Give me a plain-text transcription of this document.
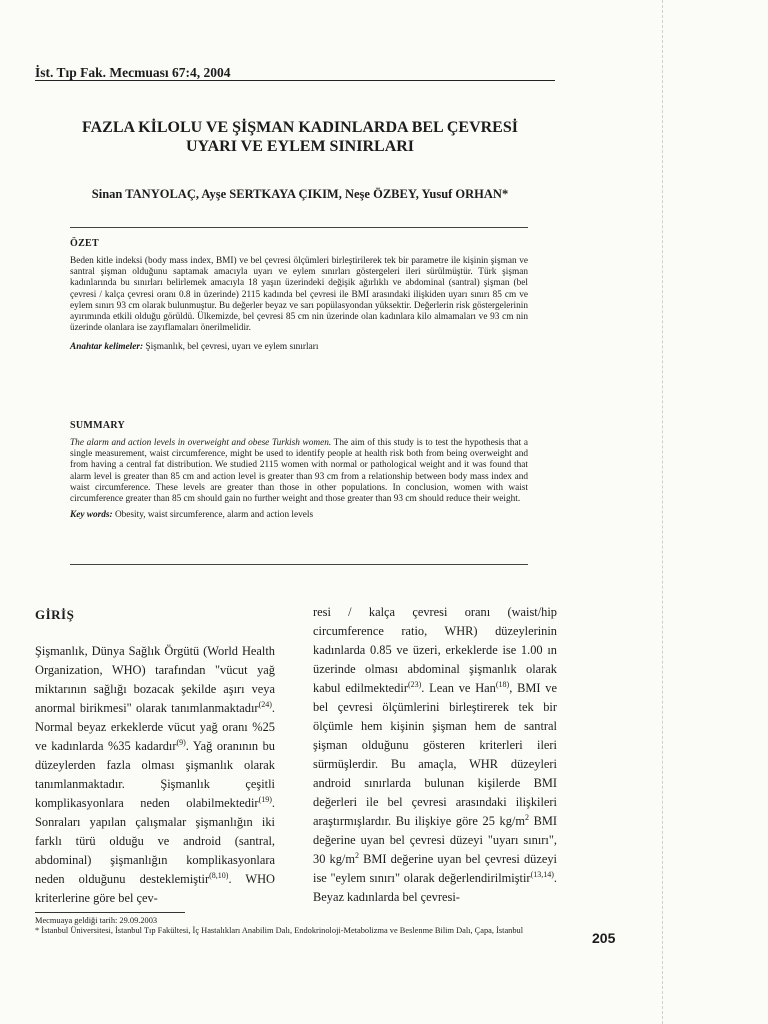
İst. Tıp Fak. Mecmuası 67:4, 2004
FAZLA KİLOLU VE ŞİŞMAN KADINLARDA BEL ÇEVRESİ
UYARI VE EYLEM SINIRLARI
Sinan TANYOLAÇ, Ayşe SERTKAYA ÇIKIM, Neşe ÖZBEY, Yusuf ORHAN*
ÖZET

Beden kitle indeksi (body mass index, BMI) ve bel çevresi ölçümleri birleştirilerek tek bir parametre ile kişinin şişman ve santral şişman olduğunu saptamak amacıyla uyarı ve eylem sınırları göstergeleri ileri sürülmüştür. Türk şişman kadınlarında bu sınırları belirlemek amacıyla 18 yaşın üzerindeki değişik ağırlıklı ve abdominal (santral) şişman (bel çevresi / kalça çevresi oranı 0.8 in üzerinde) 2115 kadında bel çevresi ile BMI arasındaki ilişkiden uyarı sınırı 85 cm ve eylem sınırı 93 cm olarak bulunmuştur. Bu değerler beyaz ve sarı popülasyondan yüksektir. Değerlerin risk göstergelerinin ayırımında etkili olduğu görüldü. Ülkemizde, bel çevresi 85 cm nin üzerinde olan kadınlara kilo almamaları ve 93 cm nin üzerinde olanlara ise zayıflamaları önerilmelidir.

Anahtar kelimeler: Şişmanlık, bel çevresi, uyarı ve eylem sınırları

SUMMARY

The alarm and action levels in overweight and obese Turkish women. The aim of this study is to test the hypothesis that a single measurement, waist circumference, might be used to identify people at health risk both from being overweight and from having a central fat distribution. We studied 2115 women with normal or pathological weight and it was found that alarm level is greater than 85 cm and action level is greater than 93 cm from a relationship between body mass index and waist circumference. These levels are greater than those in other populations. In conclusion, women with waist circumference greater than 85 cm should gain no further weight and those greater than 93 cm should reduce their weight.

Key words: Obesity, waist sircumference, alarm and action levels

GİRİŞ

Şişmanlık, Dünya Sağlık Örgütü (World Health Organization, WHO) tarafından "vücut yağ miktarının sağlığı bozacak şekilde aşırı veya anormal birikmesi" olarak tanımlanmaktadır$^{(24)}$. Normal beyaz erkeklerde vücut yağ oranı %25 ve kadınlarda %35 kadardır$^{(9)}$. Yağ oranının bu düzeylerden fazla olması şişmanlık olarak tanımlanmaktadır. Şişmanlık çeşitli komplikasyonlara neden olabilmektedir$^{(19)}$. Sonraları yapılan çalışmalar şişmanlığın iki farklı türü olduğu ve android (santral, abdominal) şişmanlığın komplikasyonlara neden olduğunu desteklemiştir$^{(8,10)}$. WHO kriterlerine göre bel çev-

resi / kalça çevresi oranı (waist/hip circumference ratio, WHR) düzeylerinin kadınlarda 0.85 ve üzeri, erkeklerde ise 1.00 ın üzerinde olması abdominal şişmanlık olarak kabul edilmektedir$^{(23)}$. Lean ve Han$^{(18)}$, BMI ve bel çevresi ölçümlerini birleştirerek tek bir ölçümle hem kişinin şişman hem de santral şişman olduğunu gösteren kriterleri ileri sürmüşlerdir. Bu amaçla, WHR düzeyleri android sınırlarda bulunan kişilerde BMI değerleri ile bel çevresi arasındaki ilişkileri araştırmışlardır. Bu ilişkiye göre 25 $kg/m^2$ BMI değerine uyan bel çevresi düzeyi "uyarı sınırı", 30 $kg/m^2$ BMI değerine uyan bel çevresi düzeyi ise "eylem sınırı" olarak değerlendirilmiştir$^{(13,14)}$. Beyaz kadınlarda bel çevresi-

Mecmuaya geldiği tarih: 29.09.2003
* İstanbul Üniversitesi, İstanbul Tıp Fakültesi, İç Hastalıkları Anabilim Dalı, Endokrinoloji-Metabolizma ve Beslenme Bilim Dalı, Çapa, İstanbul	205
